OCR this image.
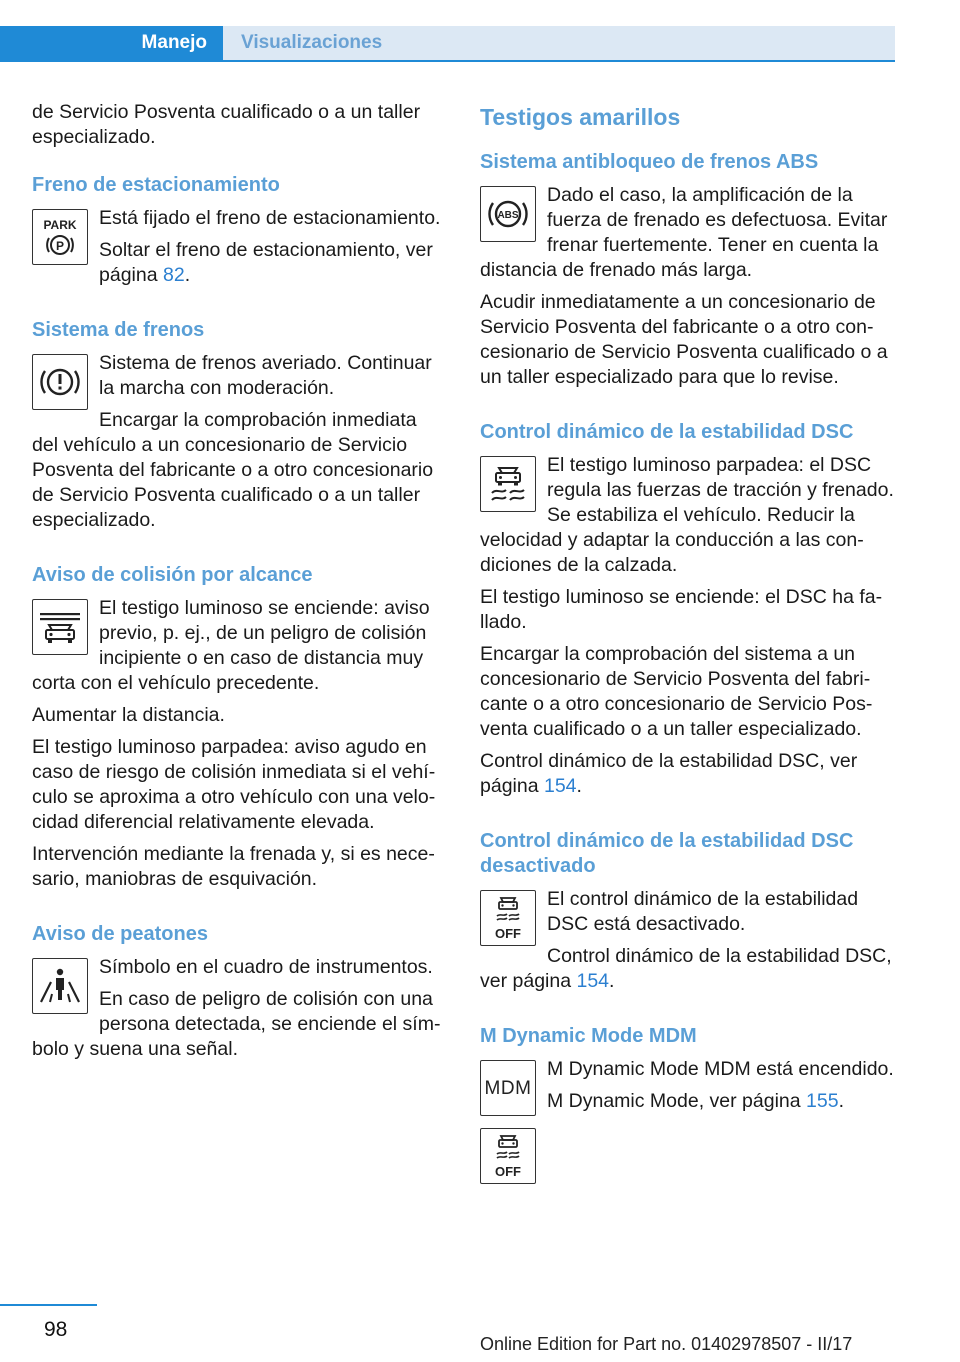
Manejo Visualizaciones

de Servicio Posventa cualificado o a un taller especializado.

Freno de estacionamiento
PARK
P

Está fijado el freno de estacionamiento.

Soltar el freno de estacionamiento, ver página 82.

Sistema de frenos

Sistema de frenos averiado. Continuar la marcha con moderación.

Encargar la comprobación inmediata del vehículo a un concesionario de Servicio Posventa del fabricante o a otro concesionario de Servicio Posventa cualificado o a un taller especializado.

Aviso de colisión por alcance

El testigo luminoso se enciende: aviso previo, p. ej., de un peligro de colisión incipiente o en caso de distancia muy corta con el vehículo precedente.

Aumentar la distancia.

El testigo luminoso parpadea: aviso agudo en caso de riesgo de colisión inmediata si el vehículo se aproxima a otro vehículo con una velocidad diferencial relativamente elevada.

Intervención mediante la frenada y, si es necesario, maniobras de esquivación.

Aviso de peatones

Símbolo en el cuadro de instrumentos.

En caso de peligro de colisión con una persona detectada, se enciende el símbolo y suena una señal.

Testigos amarillos
Sistema antibloqueo de frenos ABS
ABS

Dado el caso, la amplificación de la fuerza de frenado es defectuosa. Evitar frenar fuertemente. Tener en cuenta la distancia de frenado más larga.

Acudir inmediatamente a un concesionario de Servicio Posventa del fabricante o a otro concesionario de Servicio Posventa cualificado o a un taller especializado para que lo revise.

Control dinámico de la estabilidad DSC

El testigo luminoso parpadea: el DSC regula las fuerzas de tracción y frenado. Se estabiliza el vehículo. Reducir la velocidad y adaptar la conducción a las condiciones de la calzada.

El testigo luminoso se enciende: el DSC ha fallado.

Encargar la comprobación del sistema a un concesionario de Servicio Posventa del fabricante o a otro concesionario de Servicio Posventa cualificado o a un taller especializado.

Control dinámico de la estabilidad DSC, ver página 154.

Control dinámico de la estabilidad DSC desactivado
OFF

El control dinámico de la estabilidad DSC está desactivado.

Control dinámico de la estabilidad DSC, ver página 154.

M Dynamic Mode MDM
MDM
OFF

M Dynamic Mode MDM está encendido.

M Dynamic Mode, ver página 155.

98
Online Edition for Part no. 01402978507 - II/17
